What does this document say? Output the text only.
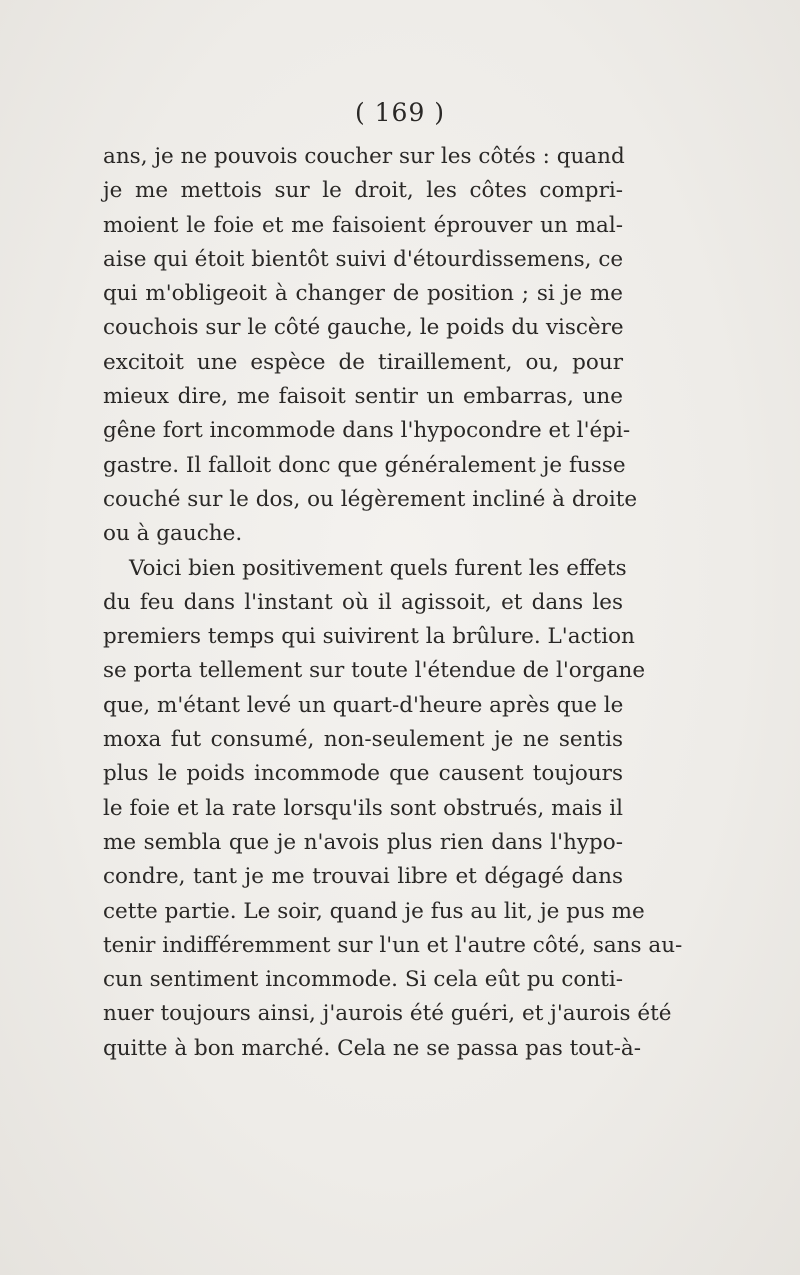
( 169 )
ans, je ne pouvois coucher sur les côtés : quand
je me mettois sur le droit, les côtes compri-
moient le foie et me faisoient éprouver un mal-
aise qui étoit bientôt suivi d'étourdissemens, ce
qui m'obligeoit à changer de position ; si je me
couchois sur le côté gauche, le poids du viscère
excitoit une espèce de tiraillement, ou, pour
mieux dire, me faisoit sentir un embarras, une
gêne fort incommode dans l'hypocondre et l'épi-
gastre. Il falloit donc que généralement je fusse
couché sur le dos, ou légèrement incliné à droite
ou à gauche.
Voici bien positivement quels furent les effets
du feu dans l'instant où il agissoit, et dans les
premiers temps qui suivirent la brûlure. L'action
se porta tellement sur toute l'étendue de l'organe
que, m'étant levé un quart-d'heure après que le
moxa fut consumé, non-seulement je ne sentis
plus le poids incommode que causent toujours
le foie et la rate lorsqu'ils sont obstrués, mais il
me sembla que je n'avois plus rien dans l'hypo-
condre, tant je me trouvai libre et dégagé dans
cette partie. Le soir, quand je fus au lit, je pus me
tenir indifféremment sur l'un et l'autre côté, sans au-
cun sentiment incommode. Si cela eût pu conti-
nuer toujours ainsi, j'aurois été guéri, et j'aurois été
quitte à bon marché. Cela ne se passa pas tout-à-
